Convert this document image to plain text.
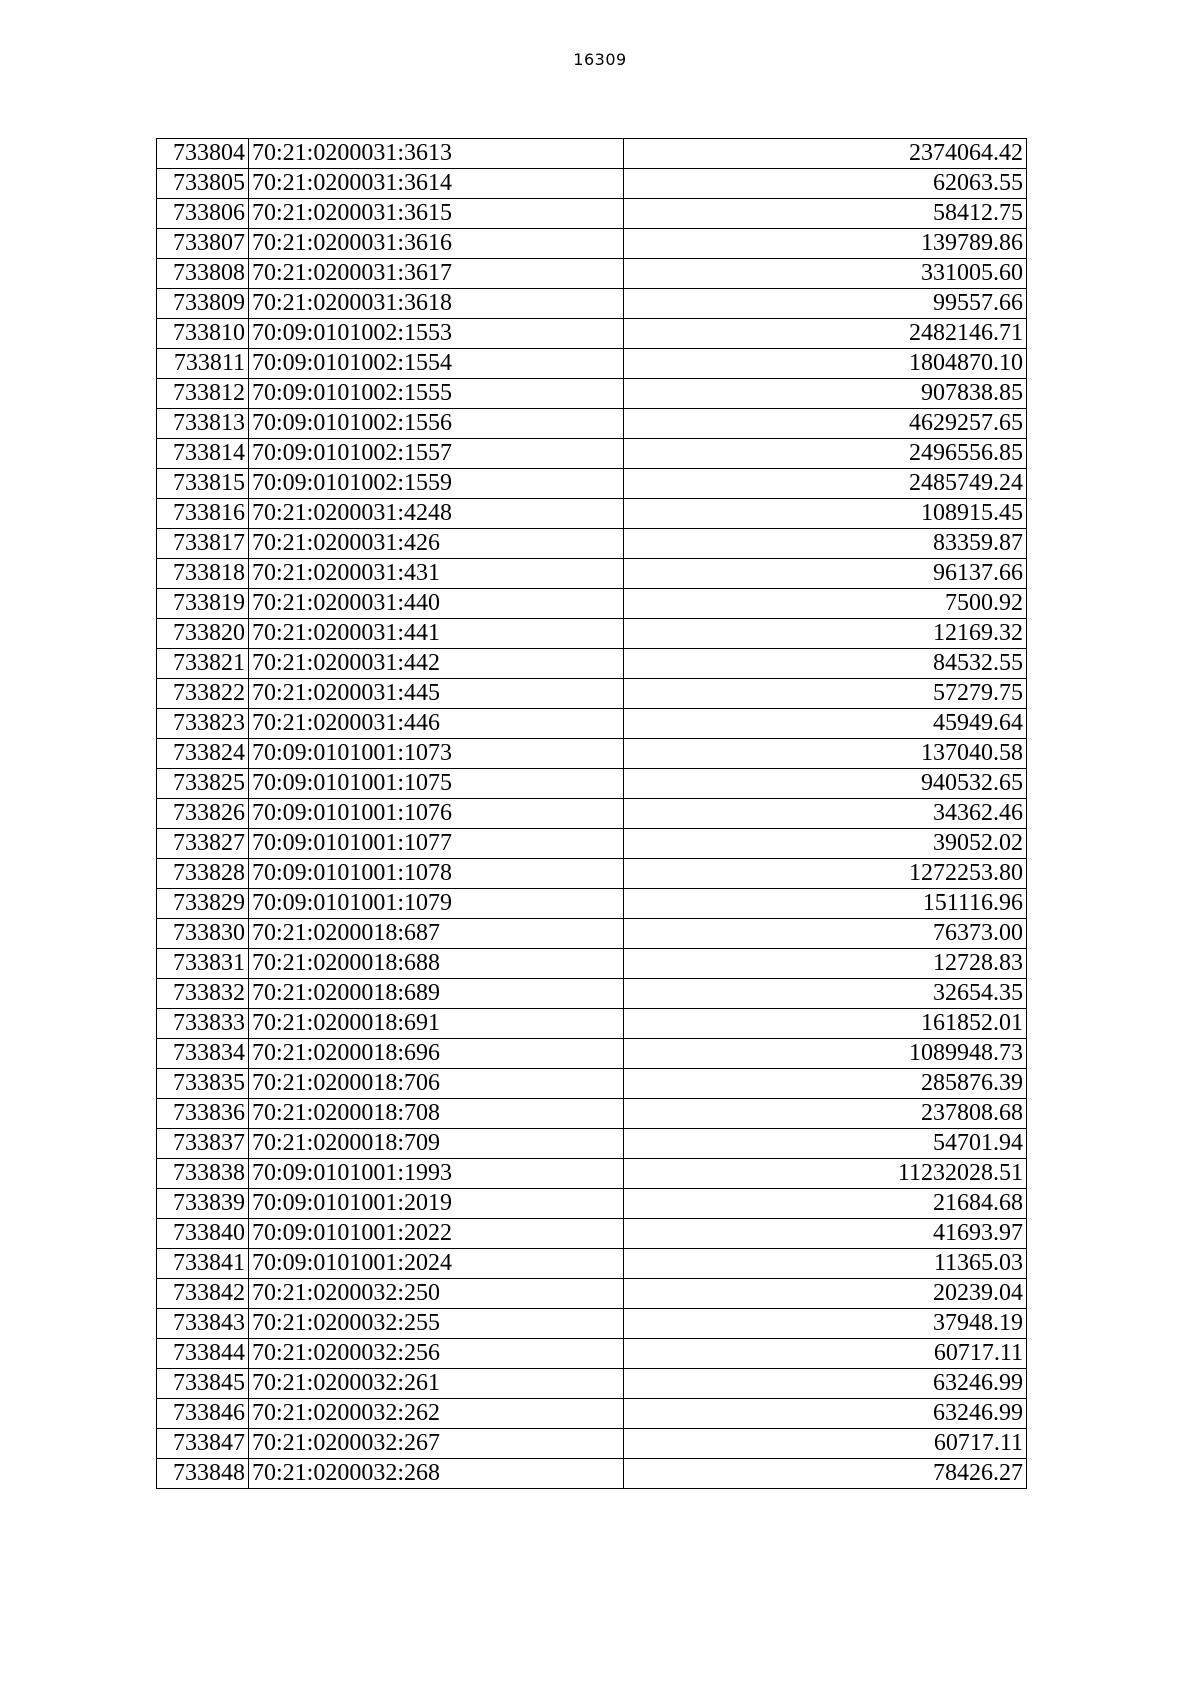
16309
733804	70:21:0200031:3613	2374064.42
733805	70:21:0200031:3614	62063.55
733806	70:21:0200031:3615	58412.75
733807	70:21:0200031:3616	139789.86
733808	70:21:0200031:3617	331005.60
733809	70:21:0200031:3618	99557.66
733810	70:09:0101002:1553	2482146.71
733811	70:09:0101002:1554	1804870.10
733812	70:09:0101002:1555	907838.85
733813	70:09:0101002:1556	4629257.65
733814	70:09:0101002:1557	2496556.85
733815	70:09:0101002:1559	2485749.24
733816	70:21:0200031:4248	108915.45
733817	70:21:0200031:426	83359.87
733818	70:21:0200031:431	96137.66
733819	70:21:0200031:440	7500.92
733820	70:21:0200031:441	12169.32
733821	70:21:0200031:442	84532.55
733822	70:21:0200031:445	57279.75
733823	70:21:0200031:446	45949.64
733824	70:09:0101001:1073	137040.58
733825	70:09:0101001:1075	940532.65
733826	70:09:0101001:1076	34362.46
733827	70:09:0101001:1077	39052.02
733828	70:09:0101001:1078	1272253.80
733829	70:09:0101001:1079	151116.96
733830	70:21:0200018:687	76373.00
733831	70:21:0200018:688	12728.83
733832	70:21:0200018:689	32654.35
733833	70:21:0200018:691	161852.01
733834	70:21:0200018:696	1089948.73
733835	70:21:0200018:706	285876.39
733836	70:21:0200018:708	237808.68
733837	70:21:0200018:709	54701.94
733838	70:09:0101001:1993	11232028.51
733839	70:09:0101001:2019	21684.68
733840	70:09:0101001:2022	41693.97
733841	70:09:0101001:2024	11365.03
733842	70:21:0200032:250	20239.04
733843	70:21:0200032:255	37948.19
733844	70:21:0200032:256	60717.11
733845	70:21:0200032:261	63246.99
733846	70:21:0200032:262	63246.99
733847	70:21:0200032:267	60717.11
733848	70:21:0200032:268	78426.27
